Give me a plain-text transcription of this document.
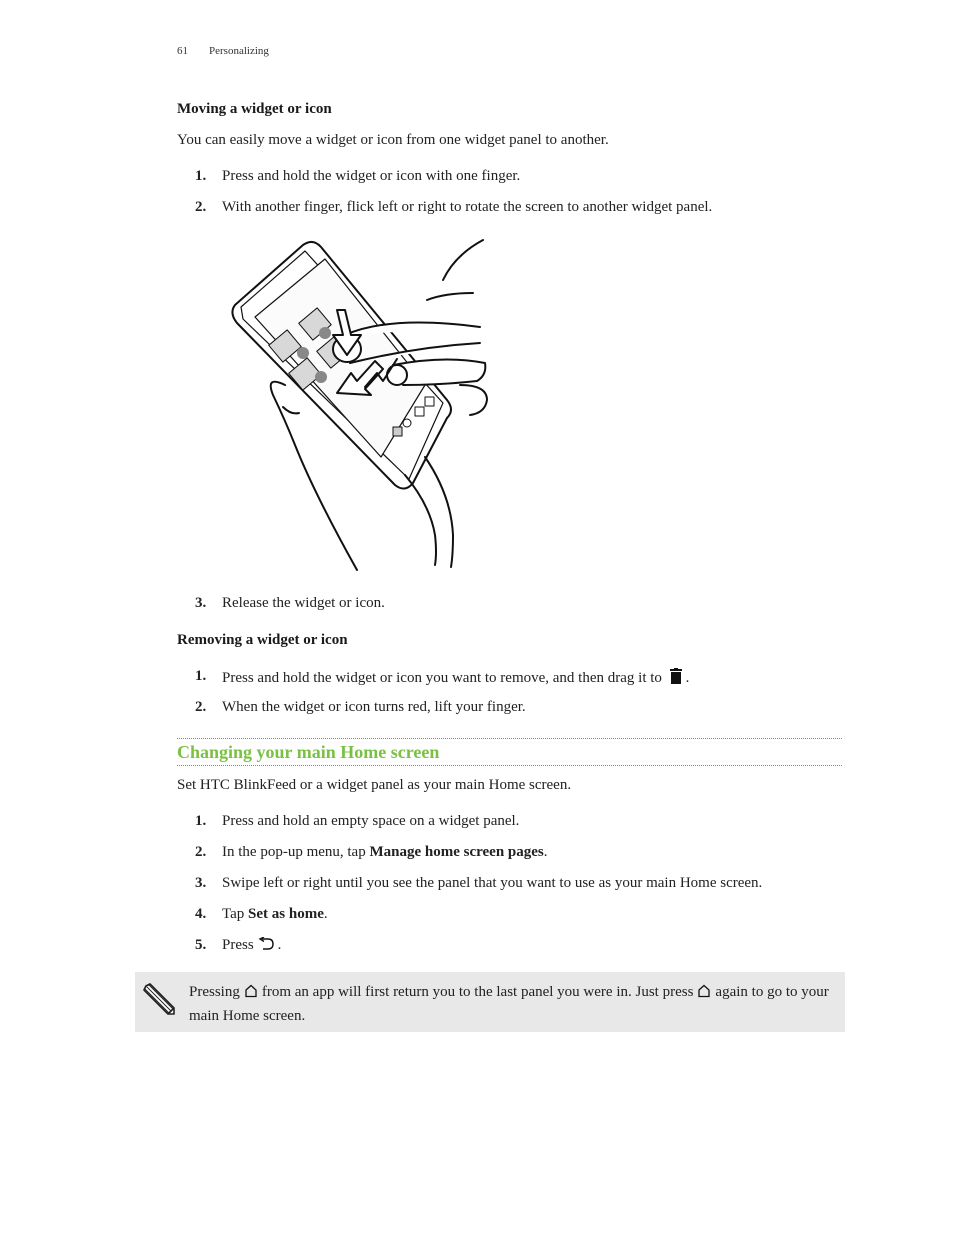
61 Personalizing
Moving a widget or icon
You can easily move a widget or icon from one widget panel to another.
1. Press and hold the widget or icon with one finger.
2. With another finger, flick left or right to rotate the screen to another widget panel.
3. Release the widget or icon.
Removing a widget or icon
1. Press and hold the widget or icon you want to remove, and then drag it to .
2. When the widget or icon turns red, lift your finger.
Changing your main Home screen
Set HTC BlinkFeed or a widget panel as your main Home screen.
1. Press and hold an empty space on a widget panel.
2. In the pop-up menu, tap Manage home screen pages.
3. Swipe left or right until you see the panel that you want to use as your main Home screen.
4. Tap Set as home.
5. Press .
Pressing from an app will first return you to the last panel you were in. Just press again to go to your main Home screen.
